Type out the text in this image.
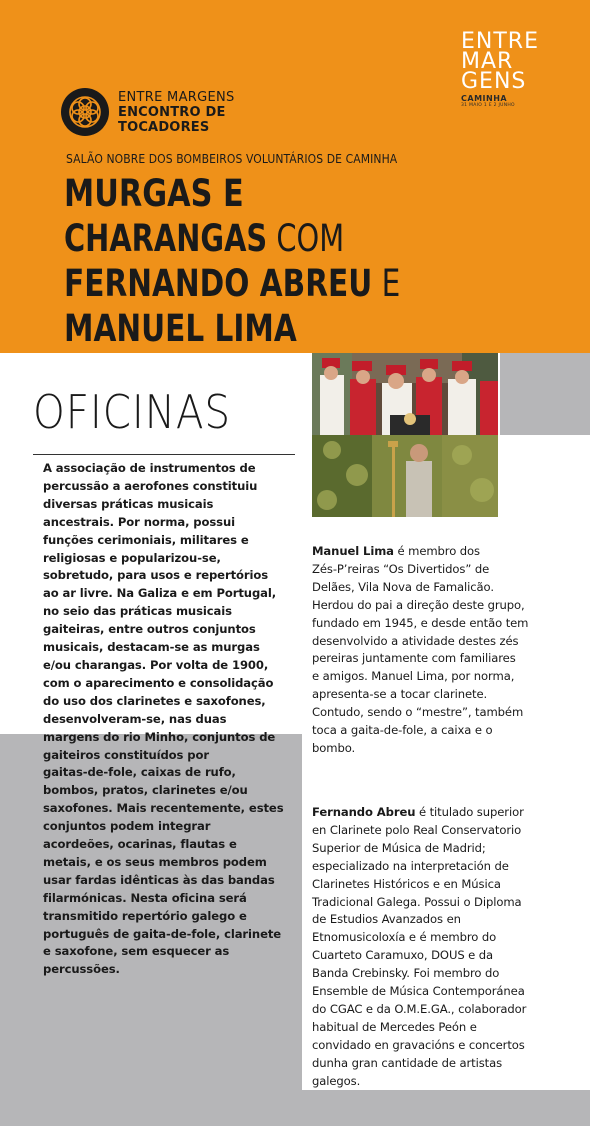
ENTRE MARGENS
ENCONTRO DE
TOCADORES
ENTRE
MAR
GENS
CAMINHA
31 MAIO 1 E 2 JUNHO
SALÃO NOBRE DOS BOMBEIROS VOLUNTÁRIOS DE CAMINHA
MURGAS E
CHARANGAS COM
FERNANDO ABREU E
MANUEL LIMA
OFICINAS
A associação de instrumentos de
percussão a aerofones constituiu
diversas práticas musicais
ancestrais. Por norma, possui
funções cerimoniais, militares e
religiosas e popularizou-se,
sobretudo, para usos e repertórios
ao ar livre. Na Galiza e em Portugal,
no seio das práticas musicais
gaiteiras, entre outros conjuntos
musicais, destacam-se as murgas
e/ou charangas. Por volta de 1900,
com o aparecimento e consolidação
do uso dos clarinetes e saxofones,
desenvolveram-se, nas duas
margens do rio Minho, conjuntos de
gaiteiros constituídos por
gaitas-de-fole, caixas de rufo,
bombos, pratos, clarinetes e/ou
saxofones. Mais recentemente, estes
conjuntos podem integrar
acordeões, ocarinas, flautas e
metais, e os seus membros podem
usar fardas idênticas às das bandas
filarmónicas. Nesta oficina será
transmitido repertório galego e
português de gaita-de-fole, clarinete
e saxofone, sem esquecer as
percussões.
Manuel Lima é membro dos
Zés-P’reiras “Os Divertidos” de
Delães, Vila Nova de Famalicão.
Herdou do pai a direção deste grupo,
fundado em 1945, e desde então tem
desenvolvido a atividade destes zés
pereiras juntamente com familiares
e amigos. Manuel Lima, por norma,
apresenta-se a tocar clarinete.
Contudo, sendo o “mestre”, também
toca a gaita-de-fole, a caixa e o
bombo.
Fernando Abreu é titulado superior
en Clarinete polo Real Conservatorio
Superior de Música de Madrid;
especializado na interpretación de
Clarinetes Históricos e en Música
Tradicional Galega. Possui o Diploma
de Estudios Avanzados en
Etnomusicoloxía e é membro do
Cuarteto Caramuxo, DOUS e da
Banda Crebinsky. Foi membro do
Ensemble de Música Contemporánea
do CGAC e da O.M.E.GA., colaborador
habitual de Mercedes Peón e
convidado en gravacións e concertos
dunha gran cantidade de artistas
galegos.
